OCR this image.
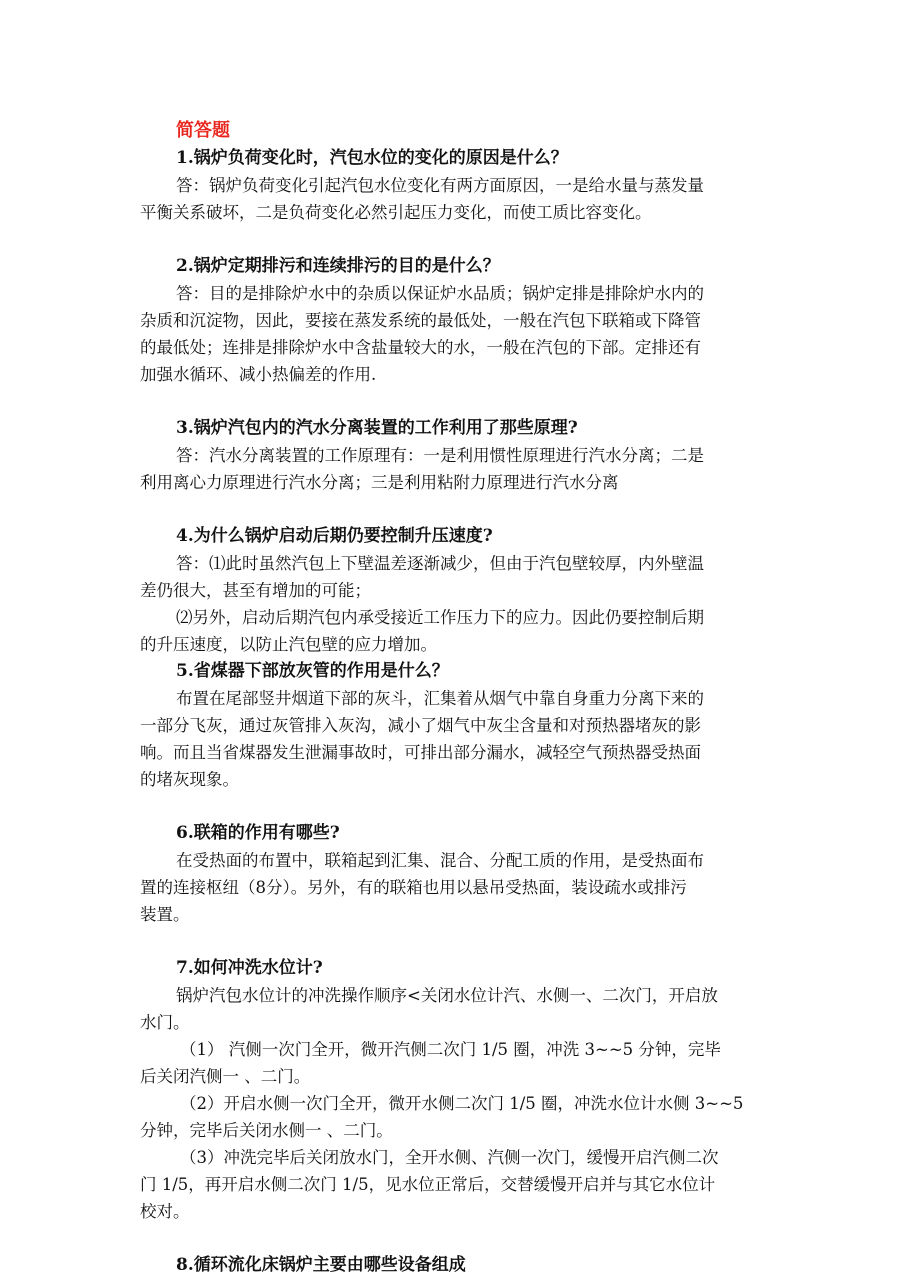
简答题
1.锅炉负荷变化时，汽包水位的变化的原因是什么？
答：锅炉负荷变化引起汽包水位变化有两方面原因，一是给水量与蒸发量
平衡关系破坏，二是负荷变化必然引起压力变化，而使工质比容变化。
2.锅炉定期排污和连续排污的目的是什么？
答：目的是排除炉水中的杂质以保证炉水品质；锅炉定排是排除炉水内的
杂质和沉淀物，因此，要接在蒸发系统的最低处，一般在汽包下联箱或下降管
的最低处；连排是排除炉水中含盐量较大的水，一般在汽包的下部。定排还有
加强水循环、减小热偏差的作用.
3.锅炉汽包内的汽水分离装置的工作利用了那些原理?
答：汽水分离装置的工作原理有：一是利用惯性原理进行汽水分离；二是
利用离心力原理进行汽水分离；三是利用粘附力原理进行汽水分离
4.为什么锅炉启动后期仍要控制升压速度?
答：⑴此时虽然汽包上下壁温差逐渐减少，但由于汽包壁较厚，内外壁温
差仍很大，甚至有增加的可能；
⑵另外，启动后期汽包内承受接近工作压力下的应力。因此仍要控制后期
的升压速度，以防止汽包壁的应力增加。
5.省煤器下部放灰管的作用是什么？
布置在尾部竖井烟道下部的灰斗，汇集着从烟气中靠自身重力分离下来的
一部分飞灰，通过灰管排入灰沟，减小了烟气中灰尘含量和对预热器堵灰的影
响。而且当省煤器发生泄漏事故时，可排出部分漏水，减轻空气预热器受热面
的堵灰现象。
6.联箱的作用有哪些?
在受热面的布置中，联箱起到汇集、混合、分配工质的作用，是受热面布
置的连接枢纽（8分）。另外，有的联箱也用以悬吊受热面，装设疏水或排污
装置。
7.如何冲洗水位计?
锅炉汽包水位计的冲洗操作顺序<关闭水位计汽、水侧一、二次门，开启放
水门。
（1） 汽侧一次门全开，微开汽侧二次门 1/5 圈，冲洗 3~~5 分钟，完毕
后关闭汽侧一 、二门。
（2）开启水侧一次门全开，微开水侧二次门 1/5 圈，冲洗水位计水侧 3~~5
分钟，完毕后关闭水侧一 、二门。
（3）冲洗完毕后关闭放水门，全开水侧、汽侧一次门，缓慢开启汽侧二次
门 1/5，再开启水侧二次门 1/5，见水位正常后，交替缓慢开启并与其它水位计
校对。
8.循环流化床锅炉主要由哪些设备组成
